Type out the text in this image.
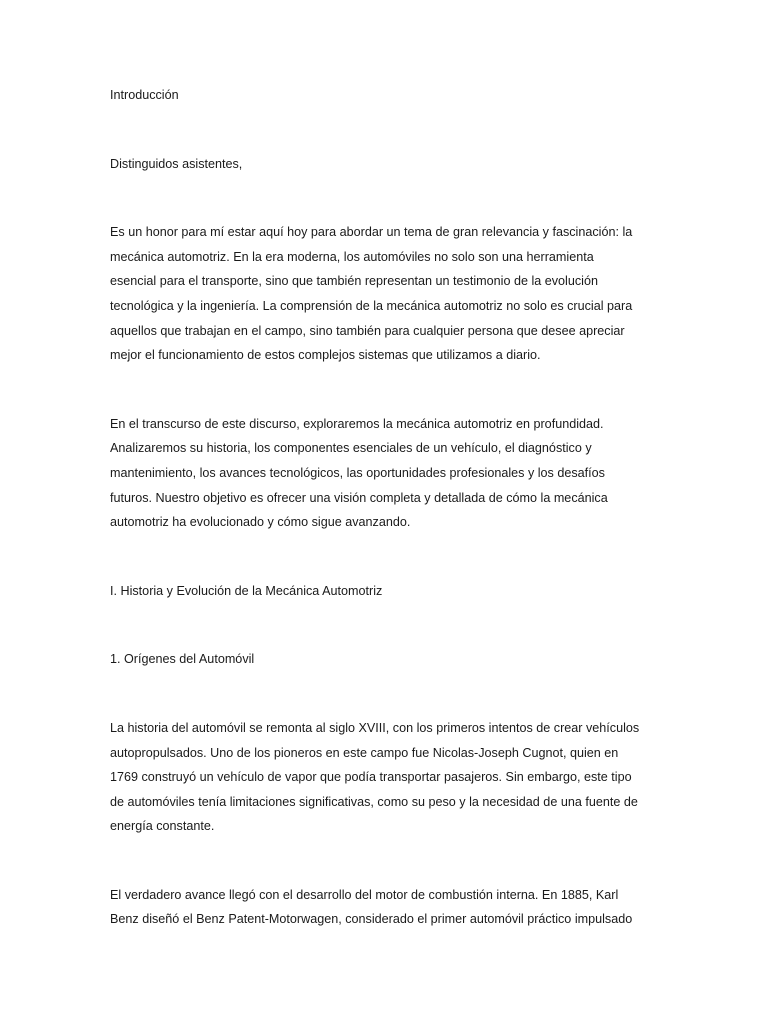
Introducción

Distinguidos asistentes,

Es un honor para mí estar aquí hoy para abordar un tema de gran relevancia y fascinación: la

mecánica automotriz. En la era moderna, los automóviles no solo son una herramienta

esencial para el transporte, sino que también representan un testimonio de la evolución

tecnológica y la ingeniería. La comprensión de la mecánica automotriz no solo es crucial para

aquellos que trabajan en el campo, sino también para cualquier persona que desee apreciar

mejor el funcionamiento de estos complejos sistemas que utilizamos a diario.

En el transcurso de este discurso, exploraremos la mecánica automotriz en profundidad.

Analizaremos su historia, los componentes esenciales de un vehículo, el diagnóstico y

mantenimiento, los avances tecnológicos, las oportunidades profesionales y los desafíos

futuros. Nuestro objetivo es ofrecer una visión completa y detallada de cómo la mecánica

automotriz ha evolucionado y cómo sigue avanzando.

I. Historia y Evolución de la Mecánica Automotriz

1. Orígenes del Automóvil

La historia del automóvil se remonta al siglo XVIII, con los primeros intentos de crear vehículos

autopropulsados. Uno de los pioneros en este campo fue Nicolas-Joseph Cugnot, quien en

1769 construyó un vehículo de vapor que podía transportar pasajeros. Sin embargo, este tipo

de automóviles tenía limitaciones significativas, como su peso y la necesidad de una fuente de

energía constante.

El verdadero avance llegó con el desarrollo del motor de combustión interna. En 1885, Karl

Benz diseñó el Benz Patent-Motorwagen, considerado el primer automóvil práctico impulsado
